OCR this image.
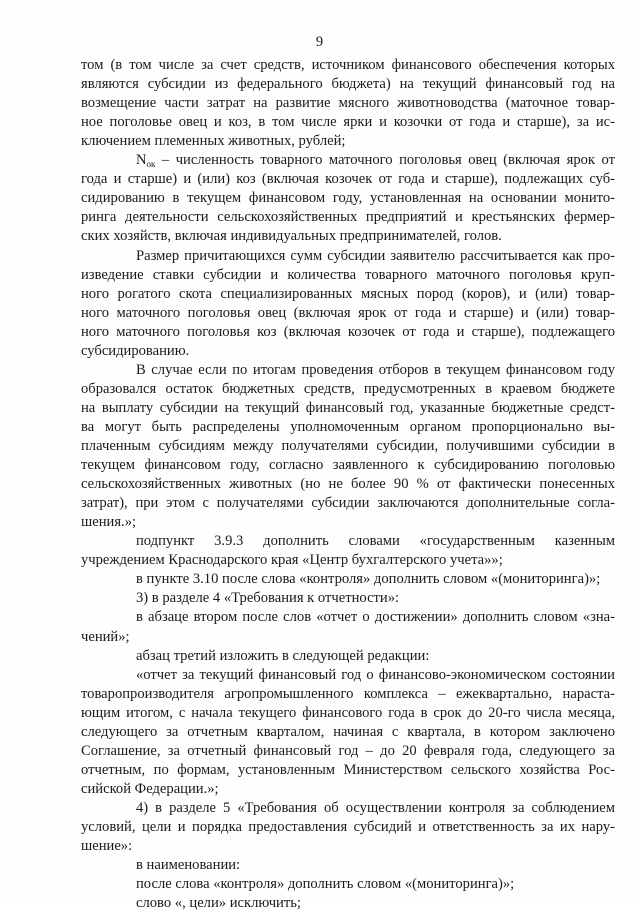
9
том (в том числе за счет средств, источником финансового обеспечения которых
являются субсидии из федерального бюджета) на текущий финансовый год на
возмещение части затрат на развитие мясного животноводства (маточное товар-
ное поголовье овец и коз, в том числе ярки и козочки от года и старше), за ис-
ключением племенных животных, рублей;
$N_{ок}$ – численность товарного маточного поголовья овец (включая ярок от
года и старше) и (или) коз (включая козочек от года и старше), подлежащих суб-
сидированию в текущем финансовом году, установленная на основании монито-
ринга деятельности сельскохозяйственных предприятий и крестьянских фермер-
ских хозяйств, включая индивидуальных предпринимателей, голов.
Размер причитающихся сумм субсидии заявителю рассчитывается как про-
изведение ставки субсидии и количества товарного маточного поголовья круп-
ного рогатого скота специализированных мясных пород (коров), и (или) товар-
ного маточного поголовья овец (включая ярок от года и старше) и (или) товар-
ного маточного поголовья коз (включая козочек от года и старше), подлежащего
субсидированию.
В случае если по итогам проведения отборов в текущем финансовом году
образовался остаток бюджетных средств, предусмотренных в краевом бюджете
на выплату субсидии на текущий финансовый год, указанные бюджетные средст-
ва могут быть распределены уполномоченным органом пропорционально вы-
плаченным субсидиям между получателями субсидии, получившими субсидии в
текущем финансовом году, согласно заявленного к субсидированию поголовью
сельскохозяйственных животных (но не более 90 % от фактически понесенных
затрат), при этом с получателями субсидии заключаются дополнительные согла-
шения.»;
подпункт 3.9.3 дополнить словами «государственным казенным
учреждением Краснодарского края «Центр бухгалтерского учета»»;
в пункте 3.10 после слова «контроля» дополнить словом «(мониторинга)»;
3) в разделе 4 «Требования к отчетности»:
в абзаце втором после слов «отчет о достижении» дополнить словом «зна-
чений»;
абзац третий изложить в следующей редакции:
«отчет за текущий финансовый год о финансово-экономическом состоянии
товаропроизводителя агропромышленного комплекса – ежеквартально, нараста-
ющим итогом, с начала текущего финансового года в срок до 20-го числа месяца,
следующего за отчетным кварталом, начиная с квартала, в котором заключено
Соглашение, за отчетный финансовый год – до 20 февраля года, следующего за
отчетным, по формам, установленным Министерством сельского хозяйства Рос-
сийской Федерации.»;
4) в разделе 5 «Требования об осуществлении контроля за соблюдением
условий, цели и порядка предоставления субсидий и ответственность за их нару-
шение»:
в наименовании:
после слова «контроля» дополнить словом «(мониторинга)»;
слово «, цели» исключить;
